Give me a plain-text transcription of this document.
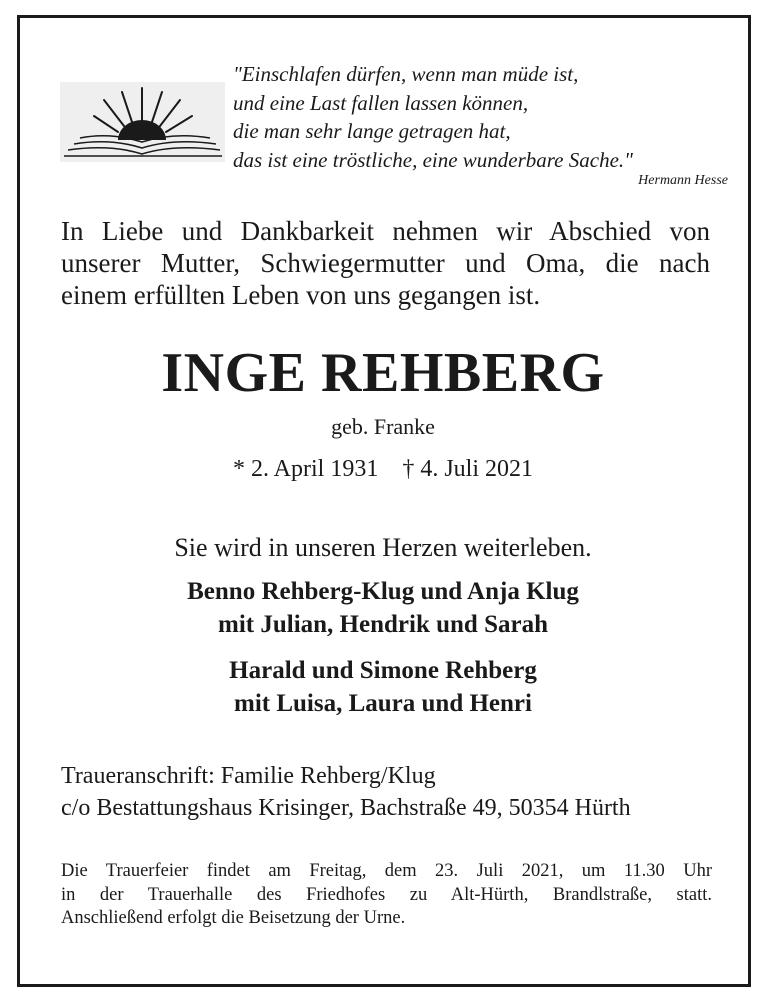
"Einschlafen dürfen, wenn man müde ist,
und eine Last fallen lassen können,
die man sehr lange getragen hat,
das ist eine tröstliche, eine wunderbare Sache."
Hermann Hesse
In Liebe und Dankbarkeit nehmen wir Abschied von
unserer Mutter, Schwiegermutter und Oma, die nach
einem erfüllten Leben von uns gegangen ist.
INGE REHBERG
geb. Franke
* 2. April 1931 † 4. Juli 2021
Sie wird in unseren Herzen weiterleben.
Benno Rehberg-Klug und Anja Klug
mit Julian, Hendrik und Sarah
Harald und Simone Rehberg
mit Luisa, Laura und Henri
Traueranschrift: Familie Rehberg/Klug
c/o Bestattungshaus Krisinger, Bachstraße 49, 50354 Hürth
Die Trauerfeier findet am Freitag, dem 23. Juli 2021, um 11.30 Uhr
in der Trauerhalle des Friedhofes zu Alt-Hürth, Brandlstraße, statt.
Anschließend erfolgt die Beisetzung der Urne.
